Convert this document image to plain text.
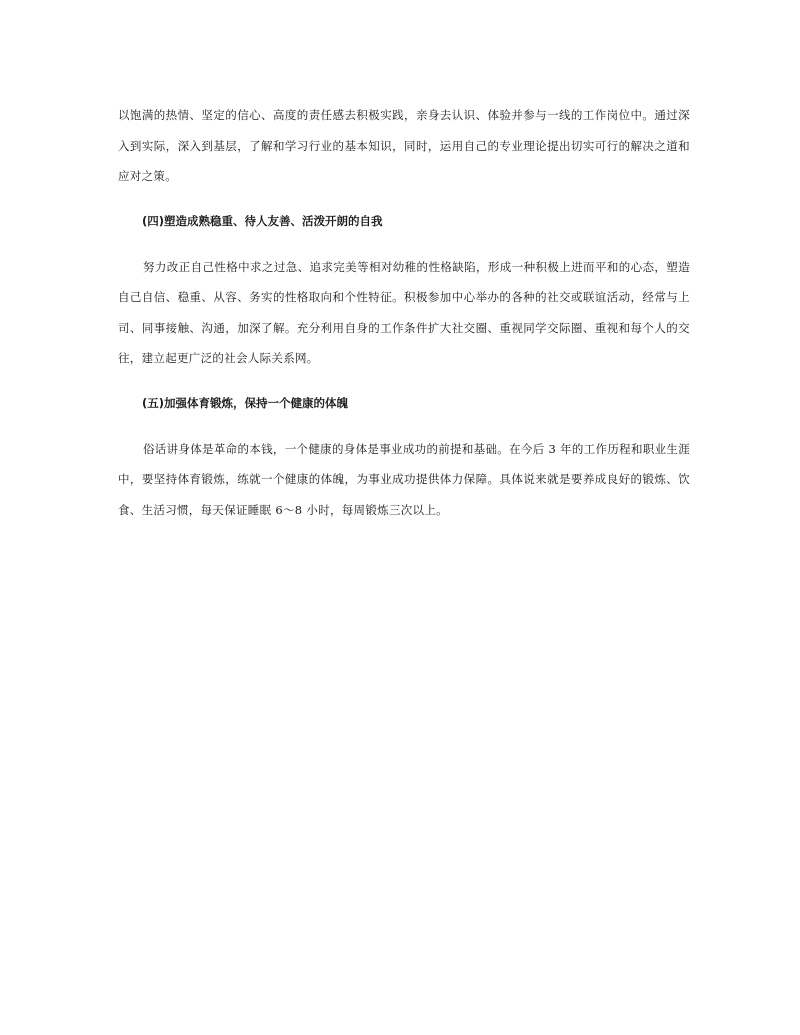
以饱满的热情、坚定的信心、高度的责任感去积极实践，亲身去认识、体验并参与一线的工作岗位中。通过深入到实际，深入到基层，了解和学习行业的基本知识，同时，运用自己的专业理论提出切实可行的解决之道和应对之策。

(四)塑造成熟稳重、待人友善、活泼开朗的自我

努力改正自己性格中求之过急、追求完美等相对幼稚的性格缺陷，形成一种积极上进而平和的心态，塑造自己自信、稳重、从容、务实的性格取向和个性特征。积极参加中心举办的各种的社交或联谊活动，经常与上司、同事接触、沟通，加深了解。充分利用自身的工作条件扩大社交圈、重视同学交际圈、重视和每个人的交往，建立起更广泛的社会人际关系网。

(五)加强体育锻炼，保持一个健康的体魄

俗话讲身体是革命的本钱，一个健康的身体是事业成功的前提和基础。在今后 3 年的工作历程和职业生涯中，要坚持体育锻炼，练就一个健康的体魄，为事业成功提供体力保障。具体说来就是要养成良好的锻炼、饮食、生活习惯，每天保证睡眠 6～8 小时，每周锻炼三次以上。
